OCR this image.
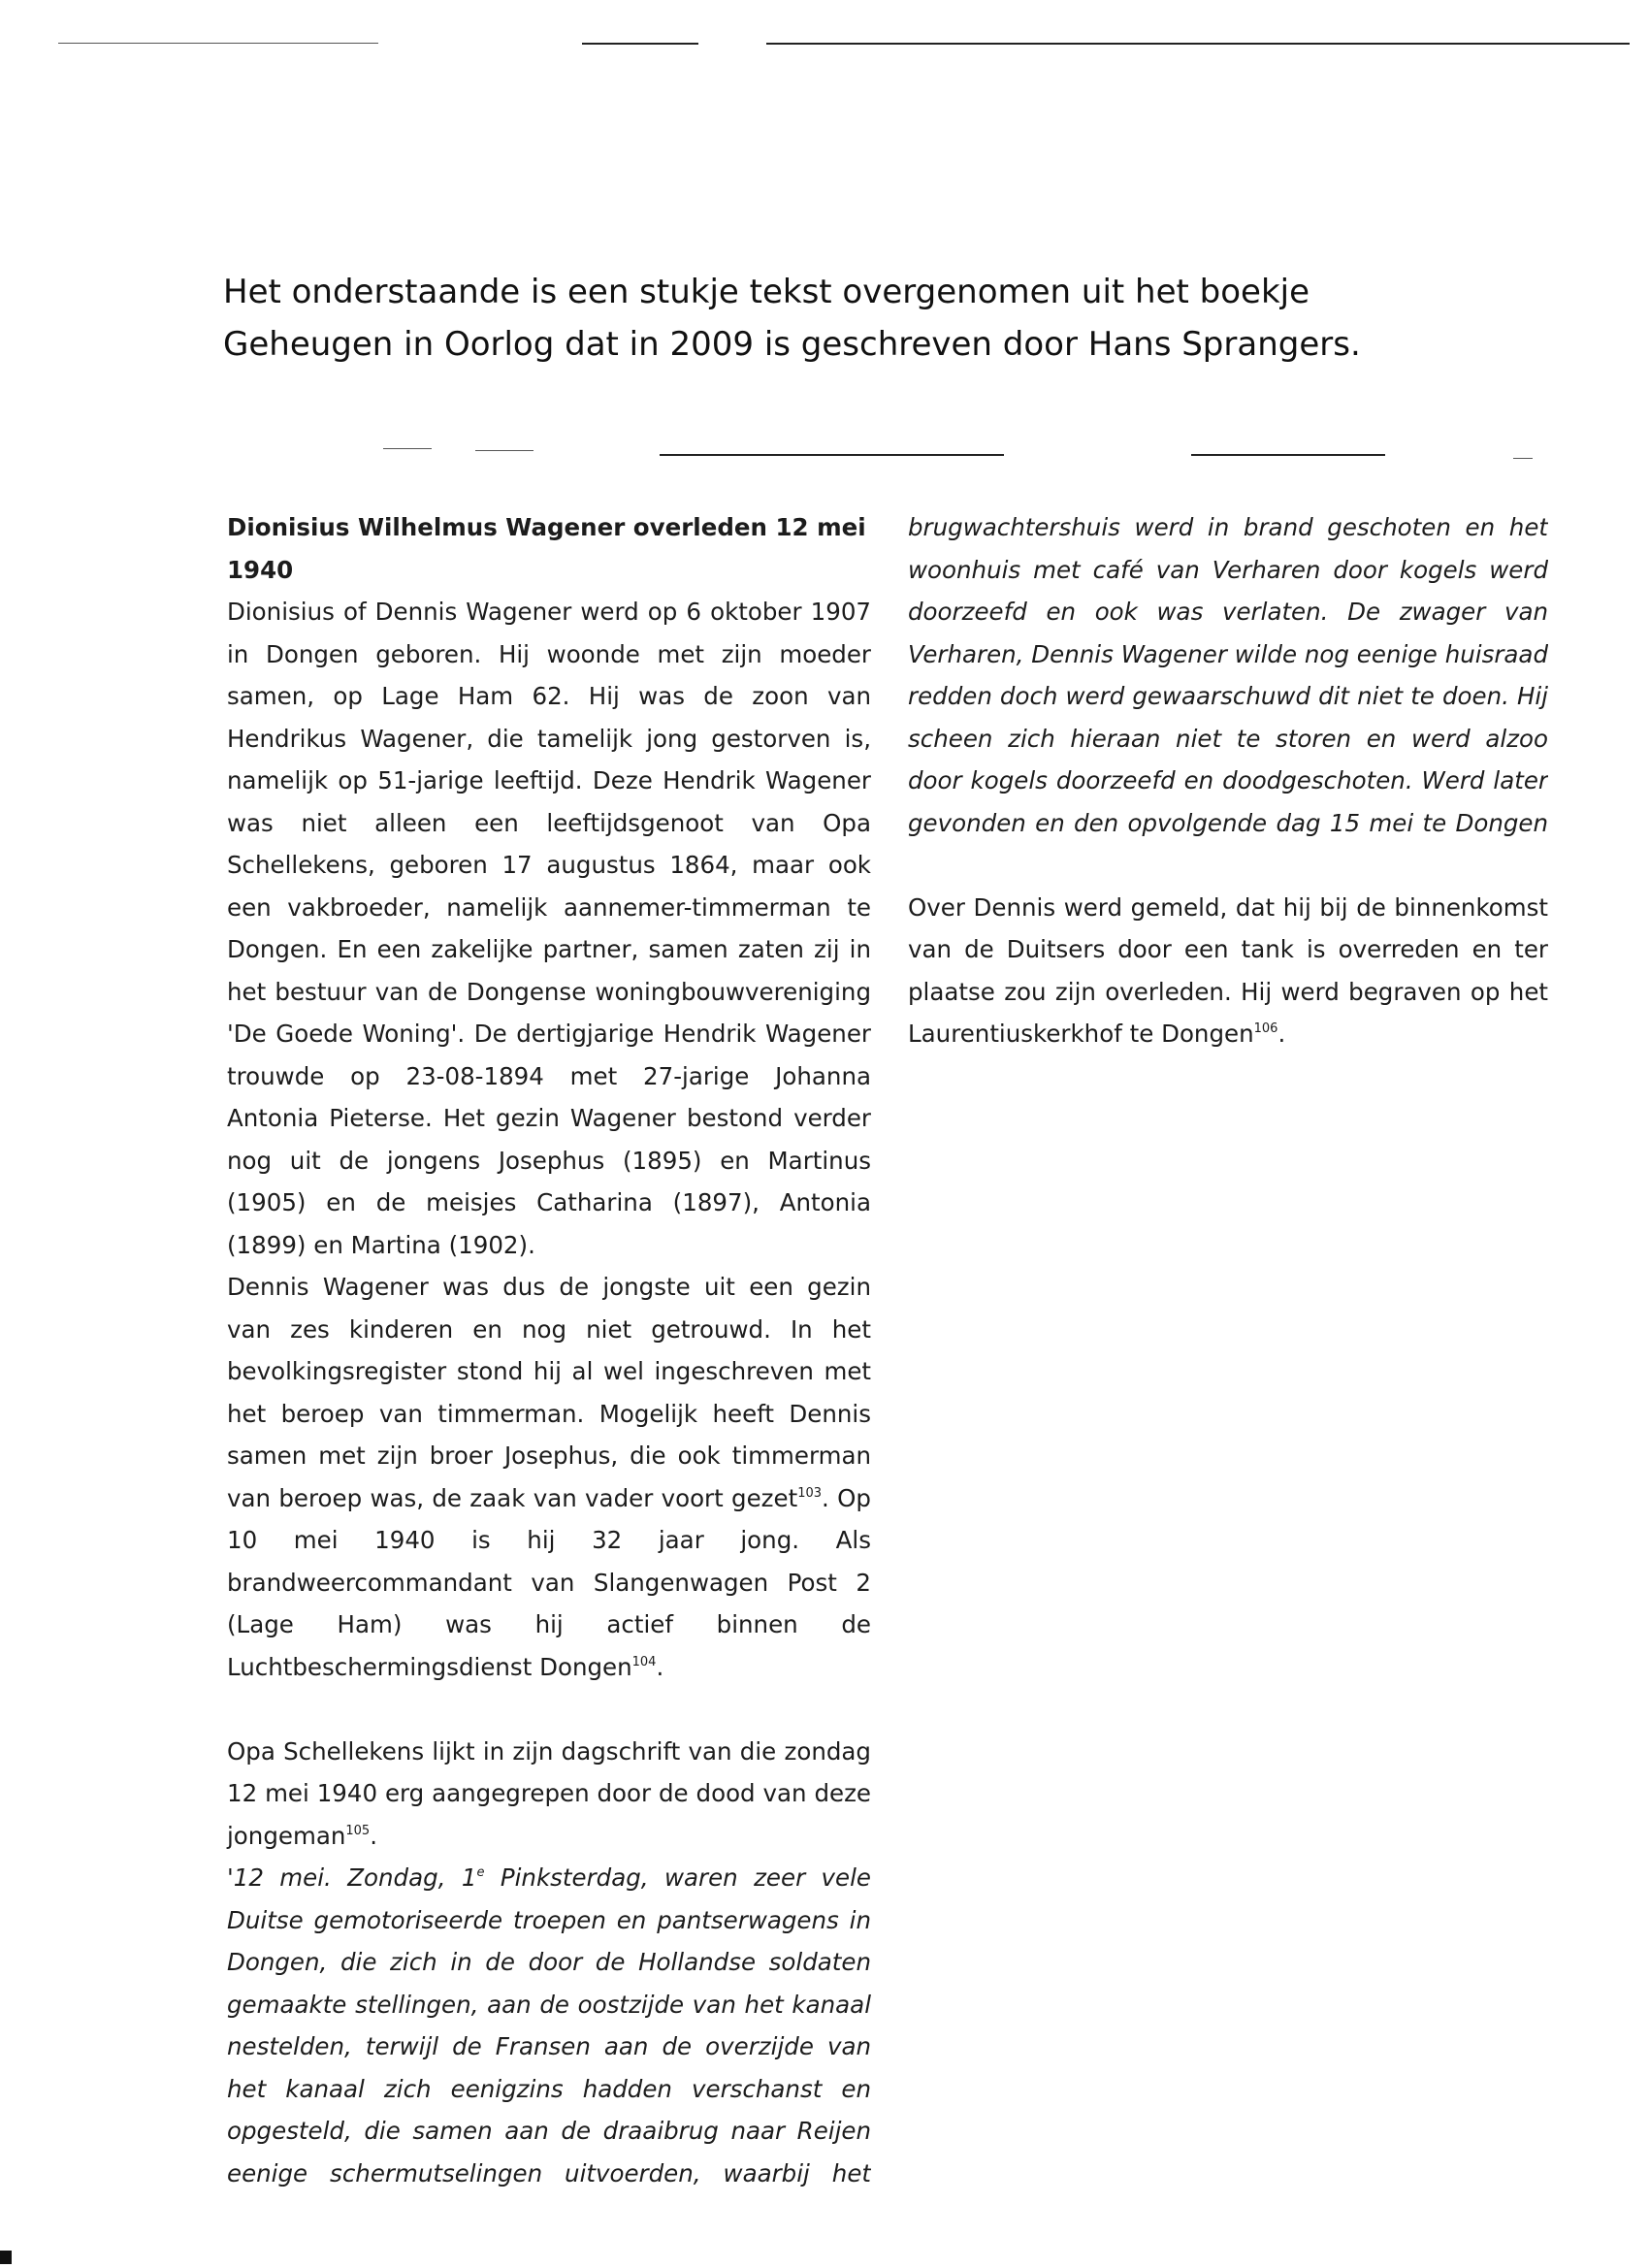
Het onderstaande is een stukje tekst overgenomen uit het boekje Geheugen in Oorlog dat in 2009 is geschreven door Hans Sprangers.

Dionisius Wilhelmus Wagener overleden 12 mei 1940

Dionisius of Dennis Wagener werd op 6 oktober 1907 in Dongen geboren. Hij woonde met zijn moeder samen, op Lage Ham 62. Hij was de zoon van Hendrikus Wagener, die tamelijk jong gestorven is, namelijk op 51-jarige leeftijd. Deze Hendrik Wagener was niet alleen een leeftijdsgenoot van Opa Schellekens, geboren 17 augustus 1864, maar ook een vakbroeder, namelijk aannemer-timmerman te Dongen. En een zakelijke partner, samen zaten zij in het bestuur van de Dongense woningbouwvereniging 'De Goede Woning'. De dertigjarige Hendrik Wagener trouwde op 23-08-1894 met 27-jarige Johanna Antonia Pieterse. Het gezin Wagener bestond verder nog uit de jongens Josephus (1895) en Martinus (1905) en de meisjes Catharina (1897), Antonia (1899) en Martina (1902).

Dennis Wagener was dus de jongste uit een gezin van zes kinderen en nog niet getrouwd. In het bevolkingsregister stond hij al wel ingeschreven met het beroep van timmerman. Mogelijk heeft Dennis samen met zijn broer Josephus, die ook timmerman van beroep was, de zaak van vader voort gezet$^{103}$. Op 10 mei 1940 is hij 32 jaar jong. Als brandweercommandant van Slangenwagen Post 2 (Lage Ham) was hij actief binnen de Luchtbeschermingsdienst Dongen$^{104}$.

Opa Schellekens lijkt in zijn dagschrift van die zondag 12 mei 1940 erg aangegrepen door de dood van deze jongeman$^{105}$.

'12 mei. Zondag, 1e Pinksterdag, waren zeer vele Duitse gemotoriseerde troepen en pantserwagens in Dongen, die zich in de door de Hollandse soldaten gemaakte stellingen, aan de oostzijde van het kanaal nestelden, terwijl de Fransen aan de overzijde van het kanaal zich eenigzins hadden verschanst en opgesteld, die samen aan de draaibrug naar Reijen eenige schermutselingen uitvoerden, waarbij het

brugwachtershuis werd in brand geschoten en het woonhuis met café van Verharen door kogels werd doorzeefd en ook was verlaten. De zwager van Verharen, Dennis Wagener wilde nog eenige huisraad redden doch werd gewaarschuwd dit niet te doen. Hij scheen zich hieraan niet te storen en werd alzoo door kogels doorzeefd en doodgeschoten. Werd later gevonden en den opvolgende dag 15 mei te Dongen

Over Dennis werd gemeld, dat hij bij de binnenkomst van de Duitsers door een tank is overreden en ter plaatse zou zijn overleden. Hij werd begraven op het Laurentiuskerkhof te Dongen$^{106}$.
